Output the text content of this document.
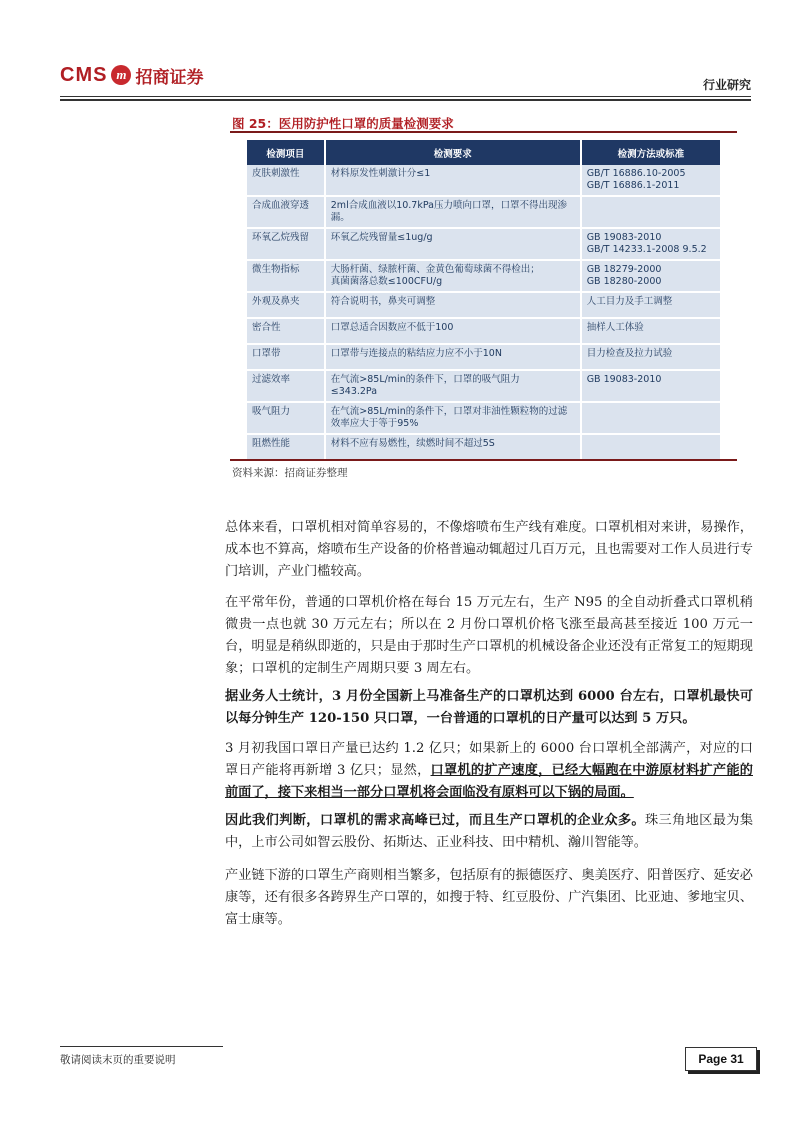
CMS m 招商证券	行业研究
图 25：医用防护性口罩的质量检测要求
检测项目	检测要求	检测方法或标准
皮肤刺激性	材料原发性刺激计分≤1	GB/T 16886.10-2005
GB/T 16886.1-2011
合成血液穿透	2ml合成血液以10.7kPa压力喷向口罩，口罩不得出现渗漏。	
环氧乙烷残留	环氧乙烷残留量≤1ug/g	GB 19083-2010
GB/T 14233.1-2008 9.5.2
微生物指标	大肠杆菌、绿脓杆菌、金黄色葡萄球菌不得检出；
真菌菌落总数≤100CFU/g	GB 18279-2000
GB 18280-2000
外观及鼻夹	符合说明书，鼻夹可调整	人工目力及手工调整
密合性	口罩总适合因数应不低于100	抽样人工体验
口罩带	口罩带与连接点的粘结应力应不小于10N	目力检查及拉力试验
过滤效率	在气流>85L/min的条件下，口罩的吸气阻力
≤343.2Pa	GB 19083-2010
吸气阻力	在气流>85L/min的条件下，口罩对非油性颗粒物的过滤效率应大于等于95%	
阻燃性能	材料不应有易燃性，续燃时间不超过5S	
资料来源：招商证券整理
总体来看，口罩机相对简单容易的，不像熔喷布生产线有难度。口罩机相对来讲，易操作，成本也不算高，熔喷布生产设备的价格普遍动辄超过几百万元，且也需要对工作人员进行专门培训，产业门槛较高。
在平常年份，普通的口罩机价格在每台 15 万元左右，生产 N95 的全自动折叠式口罩机稍微贵一点也就 30 万元左右；所以在 2 月份口罩机价格飞涨至最高甚至接近 100 万元一台，明显是稍纵即逝的，只是由于那时生产口罩机的机械设备企业还没有正常复工的短期现象；口罩机的定制生产周期只要 3 周左右。
据业务人士统计，3 月份全国新上马准备生产的口罩机达到 6000 台左右，口罩机最快可以每分钟生产 120-150 只口罩，一台普通的口罩机的日产量可以达到 5 万只。
3 月初我国口罩日产量已达约 1.2 亿只；如果新上的 6000 台口罩机全部满产，对应的口罩日产能将再新增 3 亿只；显然，口罩机的扩产速度，已经大幅跑在中游原材料扩产能的前面了，接下来相当一部分口罩机将会面临没有原料可以下锅的局面。
因此我们判断，口罩机的需求高峰已过，而且生产口罩机的企业众多。珠三角地区最为集中，上市公司如智云股份、拓斯达、正业科技、田中精机、瀚川智能等。
产业链下游的口罩生产商则相当繁多，包括原有的振德医疗、奥美医疗、阳普医疗、延安必康等，还有很多各跨界生产口罩的，如搜于特、红豆股份、广汽集团、比亚迪、爹地宝贝、富士康等。
敬请阅读末页的重要说明	Page 31
